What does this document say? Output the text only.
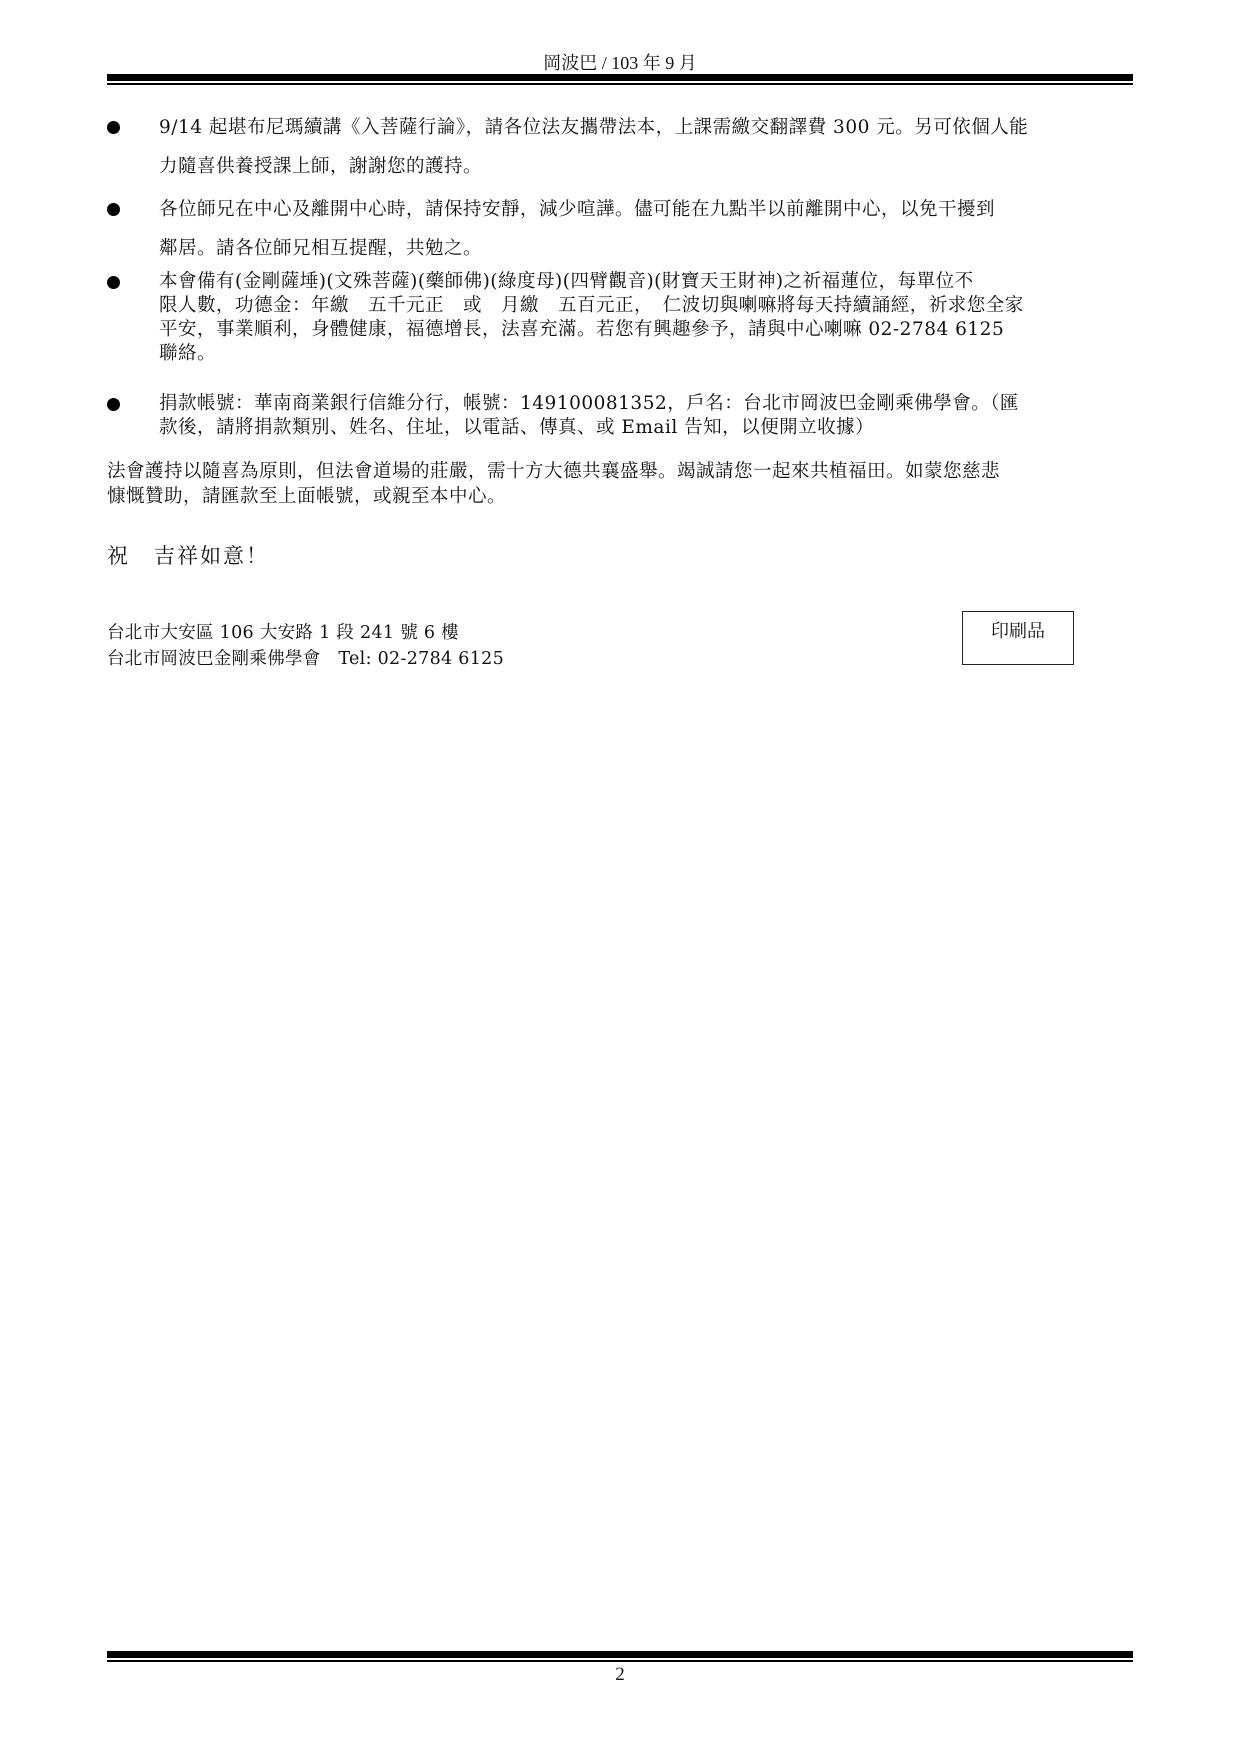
岡波巴 / 103 年 9 月
9/14 起堪布尼瑪續講《入菩薩行論》，請各位法友攜帶法本，上課需繳交翻譯費 300 元。另可依個人能
力隨喜供養授課上師，謝謝您的護持。
各位師兄在中心及離開中心時，請保持安靜，減少喧譁。儘可能在九點半以前離開中心，以免干擾到
鄰居。請各位師兄相互提醒，共勉之。
本會備有(金剛薩埵)(文殊菩薩)(藥師佛)(綠度母)(四臂觀音)(財寶天王財神)之祈福蓮位，每單位不
限人數，功德金：年繳　五千元正　或　月繳　五百元正，　仁波切與喇嘛將每天持續誦經，祈求您全家
平安，事業順利，身體健康，福德增長，法喜充滿。若您有興趣參予，請與中心喇嘛 02-2784 6125
聯絡。
捐款帳號：華南商業銀行信維分行，帳號：149100081352，戶名：台北市岡波巴金剛乘佛學會。（匯
款後，請將捐款類別、姓名、住址，以電話、傳真、或 Email 告知，以便開立收據）
法會護持以隨喜為原則，但法會道場的莊嚴，需十方大德共襄盛舉。竭誠請您一起來共植福田。如蒙您慈悲
慷慨贊助，請匯款至上面帳號，或親至本中心。
祝 吉祥如意！
台北市大安區 106 大安路 1 段 241 號 6 樓
台北市岡波巴金剛乘佛學會　Tel: 02-2784 6125
印刷品
2
